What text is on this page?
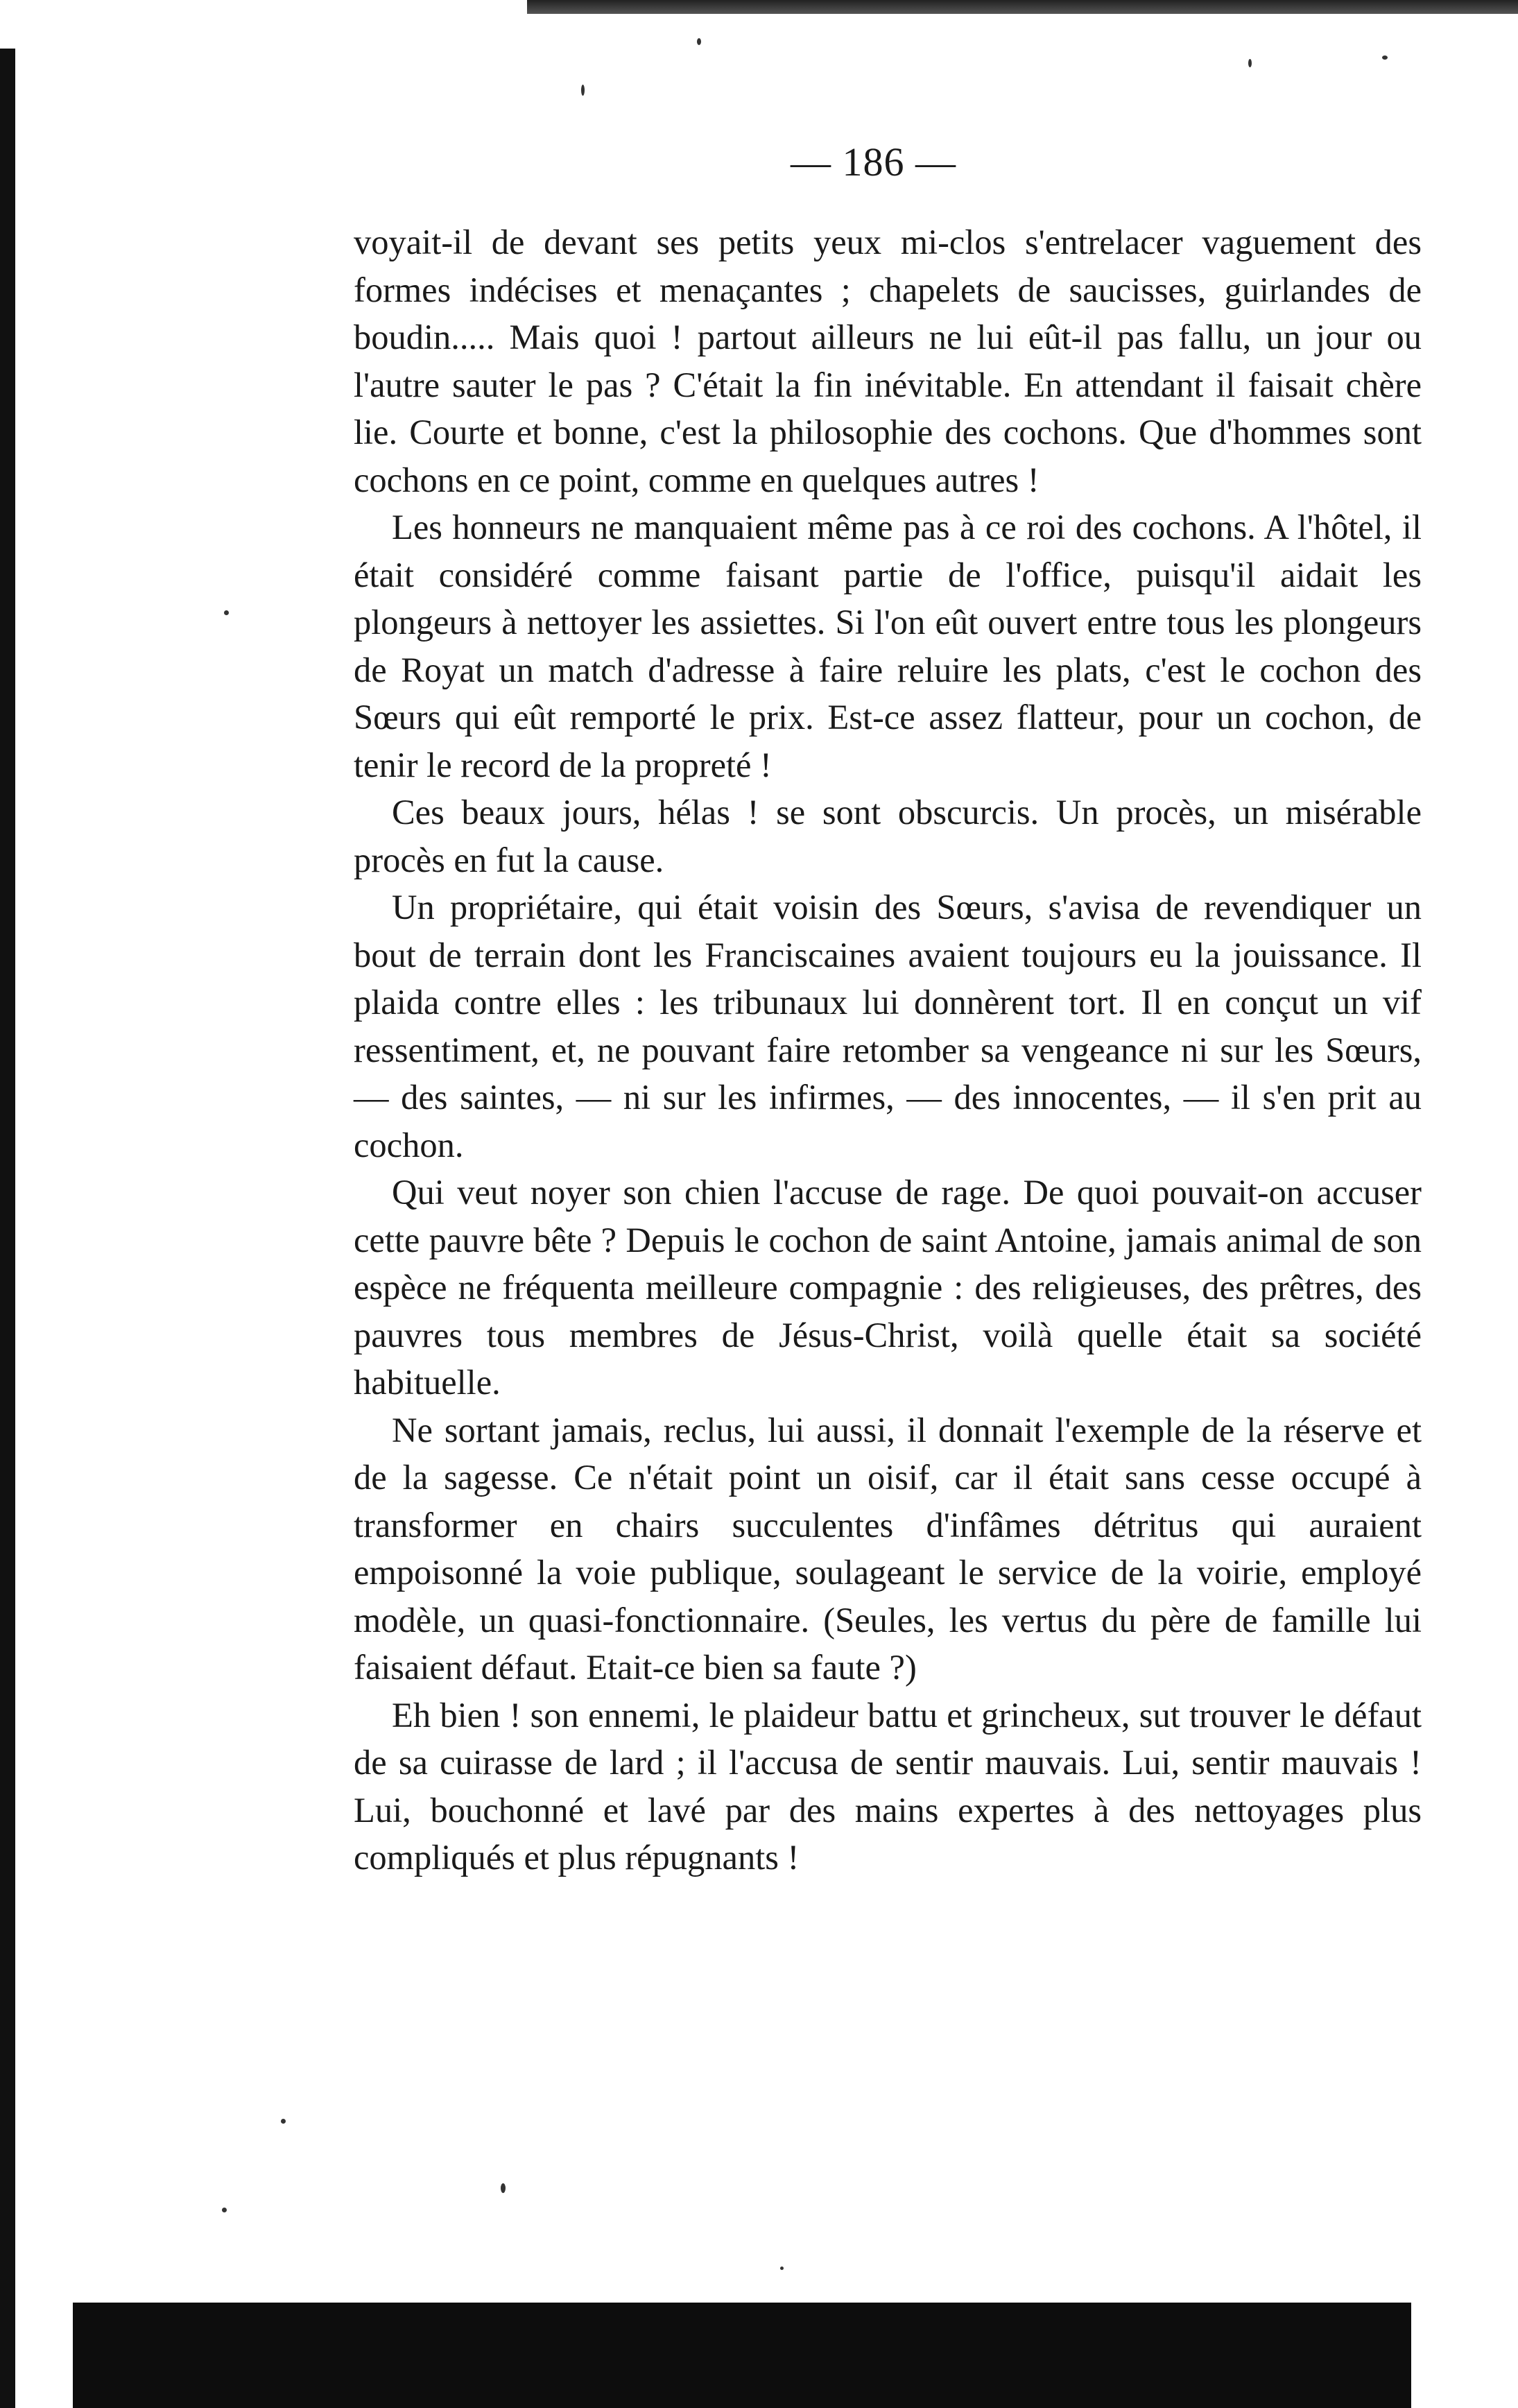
— 186 —

voyait-il de devant ses petits yeux mi-clos s'entrelacer vaguement des formes indécises et menaçantes ; chapelets de saucisses, guirlandes de boudin..... Mais quoi ! partout ailleurs ne lui eût-il pas fallu, un jour ou l'autre sauter le pas ? C'était la fin inévitable. En attendant il faisait chère lie. Courte et bonne, c'est la philosophie des cochons. Que d'hommes sont cochons en ce point, comme en quelques autres !

Les honneurs ne manquaient même pas à ce roi des cochons. A l'hôtel, il était considéré comme faisant partie de l'office, puisqu'il aidait les plongeurs à nettoyer les assiettes. Si l'on eût ouvert entre tous les plongeurs de Royat un match d'adresse à faire reluire les plats, c'est le cochon des Sœurs qui eût remporté le prix. Est-ce assez flatteur, pour un cochon, de tenir le record de la propreté !

Ces beaux jours, hélas ! se sont obscurcis. Un procès, un misérable procès en fut la cause.

Un propriétaire, qui était voisin des Sœurs, s'avisa de revendiquer un bout de terrain dont les Franciscaines avaient toujours eu la jouissance. Il plaida contre elles : les tribunaux lui donnèrent tort. Il en conçut un vif ressentiment, et, ne pouvant faire retomber sa vengeance ni sur les Sœurs, — des saintes, — ni sur les infirmes, — des innocentes, — il s'en prit au cochon.

Qui veut noyer son chien l'accuse de rage. De quoi pouvait-on accuser cette pauvre bête ? Depuis le cochon de saint Antoine, jamais animal de son espèce ne fréquenta meilleure compagnie : des religieuses, des prêtres, des pauvres tous membres de Jésus-Christ, voilà quelle était sa société habituelle.

Ne sortant jamais, reclus, lui aussi, il donnait l'exemple de la réserve et de la sagesse. Ce n'était point un oisif, car il était sans cesse occupé à transformer en chairs succulentes d'infâmes détritus qui auraient empoisonné la voie publique, soulageant le service de la voirie, employé modèle, un quasi-fonctionnaire. (Seules, les vertus du père de famille lui faisaient défaut. Etait-ce bien sa faute ?)

Eh bien ! son ennemi, le plaideur battu et grincheux, sut trouver le défaut de sa cuirasse de lard ; il l'accusa de sentir mauvais. Lui, sentir mauvais ! Lui, bouchonné et lavé par des mains expertes à des nettoyages plus compliqués et plus répugnants !
